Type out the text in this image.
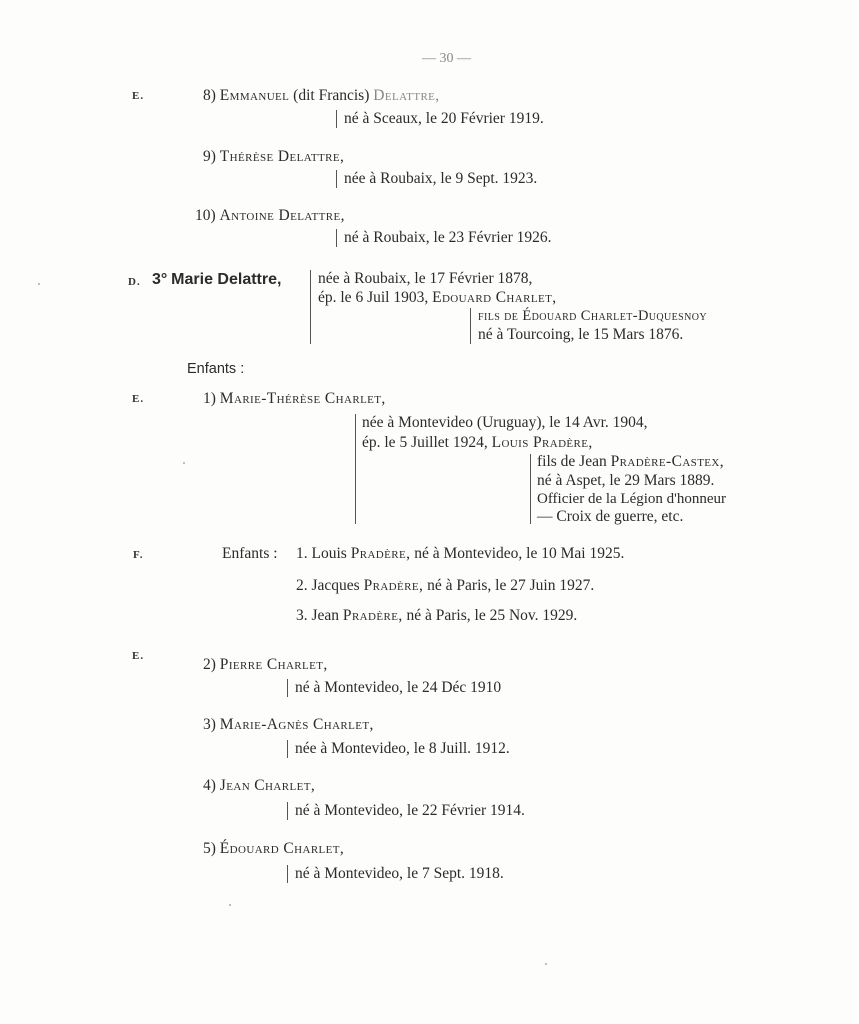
— 30 —
E.	8) Emmanuel (dit Francis) Delattre,
né à Sceaux, le 20 Février 1919.
9) Thérèse Delattre,
née à Roubaix, le 9 Sept. 1923.
10) Antoine Delattre,
né à Roubaix, le 23 Février 1926.
D. 3° Marie Delattre, née à Roubaix, le 17 Février 1878,
ép. le 6 Juil 1903, Edouard Charlet,
fils de Édouard Charlet-Duquesnoy
né à Tourcoing, le 15 Mars 1876.
Enfants :
E.	1) Marie-Thérèse Charlet,
née à Montevideo (Uruguay), le 14 Avr. 1904,
ép. le 5 Juillet 1924, Louis Pradère,
fils de Jean Pradère-Castex,
né à Aspet, le 29 Mars 1889.
Officier de la Légion d'honneur
— Croix de guerre, etc.
F.	Enfants : 1. Louis Pradère, né à Montevideo, le 10 Mai 1925.
2. Jacques Pradère, né à Paris, le 27 Juin 1927.
3. Jean Pradère, né à Paris, le 25 Nov. 1929.
E.	2) Pierre Charlet,
né à Montevideo, le 24 Déc 1910
3) Marie-Agnès Charlet,
née à Montevideo, le 8 Juill. 1912.
4) Jean Charlet,
né à Montevideo, le 22 Février 1914.
5) Édouard Charlet,
né à Montevideo, le 7 Sept. 1918.
